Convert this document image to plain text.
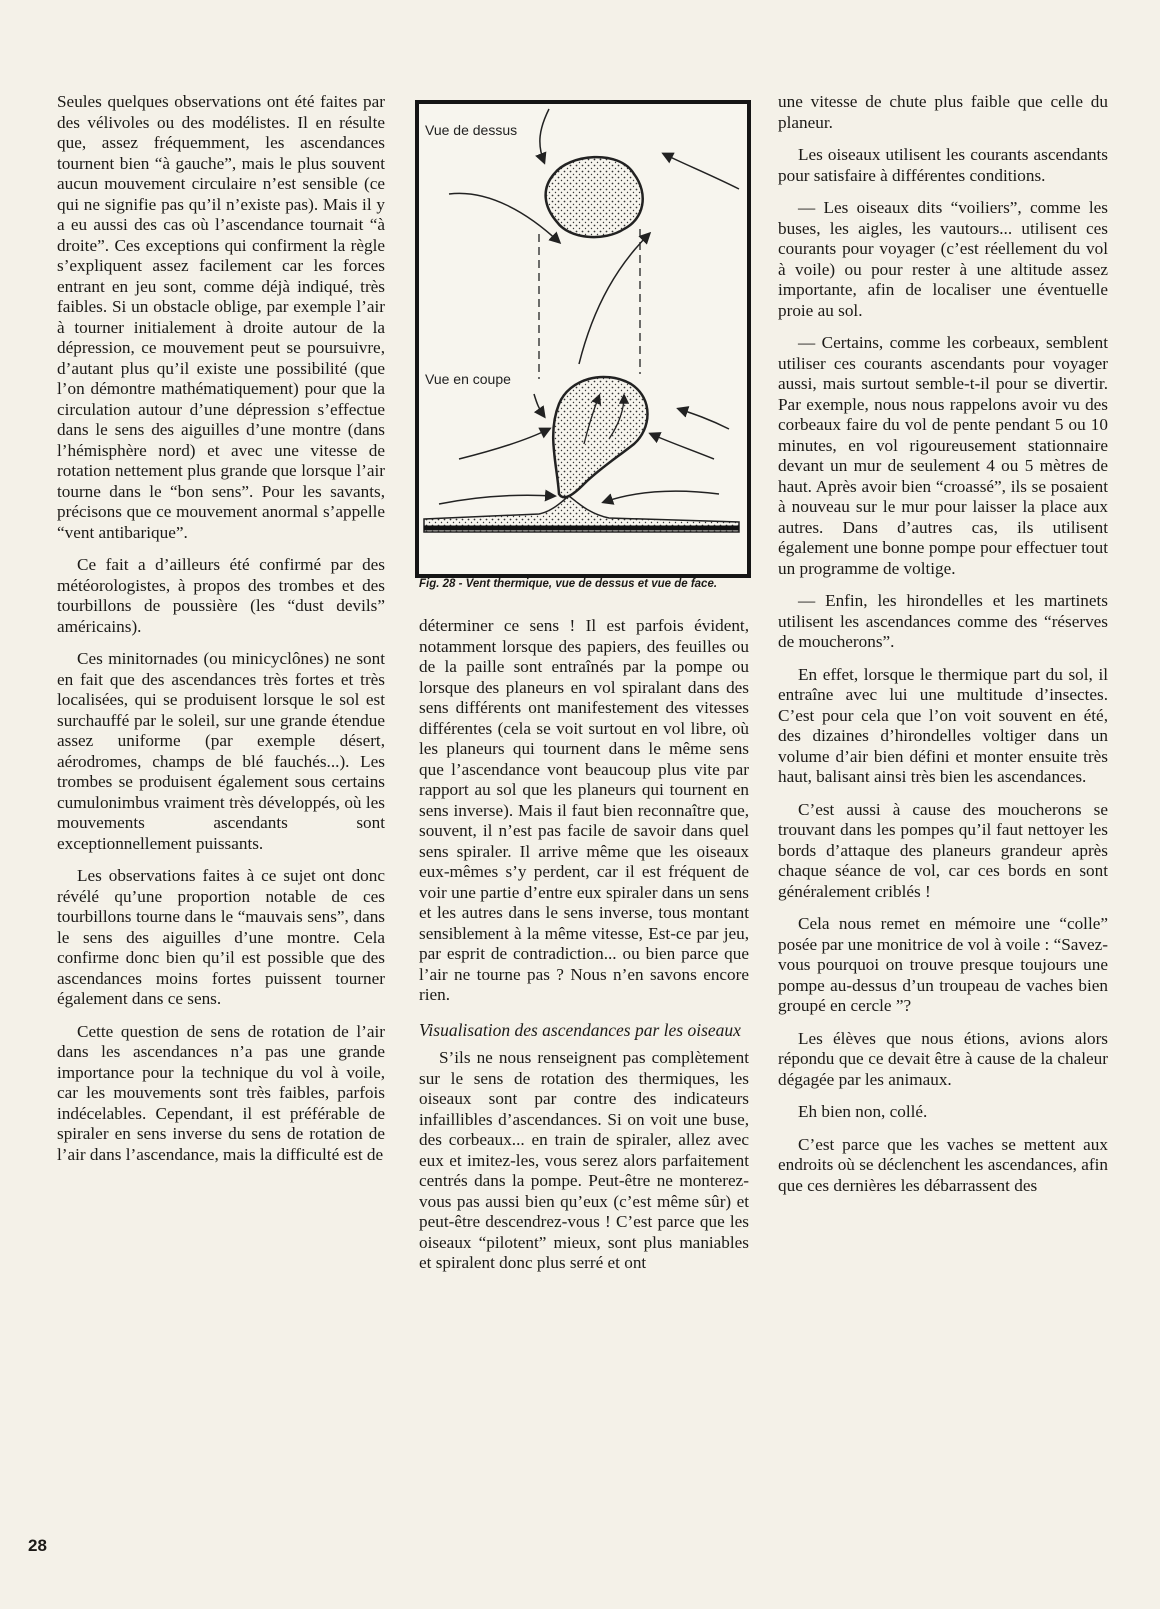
Seules quelques observations ont été faites par des vélivoles ou des modélistes. Il en résulte que, assez fréquemment, les ascendances tournent bien “à gauche”, mais le plus souvent aucun mouvement circulaire n’est sensible (ce qui ne signifie pas qu’il n’existe pas). Mais il y a eu aussi des cas où l’ascendance tournait “à droite”. Ces exceptions qui confirment la règle s’expliquent assez facilement car les forces entrant en jeu sont, comme déjà indiqué, très faibles. Si un obstacle oblige, par exemple l’air à tourner initialement à droite autour de la dépression, ce mouvement peut se poursuivre, d’autant plus qu’il existe une possibilité (que l’on démontre mathématiquement) pour que la circulation autour d’une dépression s’effectue dans le sens des aiguilles d’une montre (dans l’hémisphère nord) et avec une vitesse de rotation nettement plus grande que lorsque l’air tourne dans le “bon sens”. Pour les savants, précisons que ce mouvement anormal s’appelle “vent antibarique”.

Ce fait a d’ailleurs été confirmé par des météorologistes, à propos des trombes et des tourbillons de poussière (les “dust devils” américains).

Ces minitornades (ou minicyclônes) ne sont en fait que des ascendances très fortes et très localisées, qui se produisent lorsque le sol est surchauffé par le soleil, sur une grande étendue assez uniforme (par exemple désert, aérodromes, champs de blé fauchés...). Les trombes se produisent également sous certains cumulonimbus vraiment très développés, où les mouvements ascendants sont exceptionnellement puissants.

Les observations faites à ce sujet ont donc révélé qu’une proportion notable de ces tourbillons tourne dans le “mauvais sens”, dans le sens des aiguilles d’une montre. Cela confirme donc bien qu’il est possible que des ascendances moins fortes puissent tourner également dans ce sens.

Cette question de sens de rotation de l’air dans les ascendances n’a pas une grande importance pour la technique du vol à voile, car les mouvements sont très faibles, parfois indécelables. Cependant, il est préférable de spiraler en sens inverse du sens de rotation de l’air dans l’ascendance, mais la difficulté est de

Vue de dessus
Vue en coupe
Fig. 28 - Vent thermique, vue de dessus et vue de face.

déterminer ce sens ! Il est parfois évident, notamment lorsque des papiers, des feuilles ou de la paille sont entraînés par la pompe ou lorsque des planeurs en vol spiralant dans des sens différents ont manifestement des vitesses différentes (cela se voit surtout en vol libre, où les planeurs qui tournent dans le même sens que l’ascendance vont beaucoup plus vite par rapport au sol que les planeurs qui tournent en sens inverse). Mais il faut bien reconnaître que, souvent, il n’est pas facile de savoir dans quel sens spiraler. Il arrive même que les oiseaux eux-mêmes s’y perdent, car il est fréquent de voir une partie d’entre eux spiraler dans un sens et les autres dans le sens inverse, tous montant sensiblement à la même vitesse, Est-ce par jeu, par esprit de contradiction... ou bien parce que l’air ne tourne pas ? Nous n’en savons encore rien.

Visualisation des ascendances par les oiseaux

S’ils ne nous renseignent pas complètement sur le sens de rotation des thermiques, les oiseaux sont par contre des indicateurs infaillibles d’ascendances. Si on voit une buse, des corbeaux... en train de spiraler, allez avec eux et imitez-les, vous serez alors parfaitement centrés dans la pompe. Peut-être ne monterez-vous pas aussi bien qu’eux (c’est même sûr) et peut-être descendrez-vous ! C’est parce que les oiseaux “pilotent” mieux, sont plus maniables et spiralent donc plus serré et ont

une vitesse de chute plus faible que celle du planeur.

Les oiseaux utilisent les courants ascendants pour satisfaire à différentes conditions.

— Les oiseaux dits “voiliers”, comme les buses, les aigles, les vautours... utilisent ces courants pour voyager (c’est réellement du vol à voile) ou pour rester à une altitude assez importante, afin de localiser une éventuelle proie au sol.

— Certains, comme les corbeaux, semblent utiliser ces courants ascendants pour voyager aussi, mais surtout semble-t-il pour se divertir. Par exemple, nous nous rappelons avoir vu des corbeaux faire du vol de pente pendant 5 ou 10 minutes, en vol rigoureusement stationnaire devant un mur de seulement 4 ou 5 mètres de haut. Après avoir bien “croassé”, ils se posaient à nouveau sur le mur pour laisser la place aux autres. Dans d’autres cas, ils utilisent également une bonne pompe pour effectuer tout un programme de voltige.

— Enfin, les hirondelles et les martinets utilisent les ascendances comme des “réserves de moucherons”.

En effet, lorsque le thermique part du sol, il entraîne avec lui une multitude d’insectes. C’est pour cela que l’on voit souvent en été, des dizaines d’hirondelles voltiger dans un volume d’air bien défini et monter ensuite très haut, balisant ainsi très bien les ascendances.

C’est aussi à cause des moucherons se trouvant dans les pompes qu’il faut nettoyer les bords d’attaque des planeurs grandeur après chaque séance de vol, car ces bords en sont généralement criblés !

Cela nous remet en mémoire une “colle” posée par une monitrice de vol à voile : “Savez-vous pourquoi on trouve presque toujours une pompe au-dessus d’un troupeau de vaches bien groupé en cercle ”?

Les élèves que nous étions, avions alors répondu que ce devait être à cause de la chaleur dégagée par les animaux.

Eh bien non, collé.

C’est parce que les vaches se mettent aux endroits où se déclenchent les ascendances, afin que ces dernières les débarrassent des

28
